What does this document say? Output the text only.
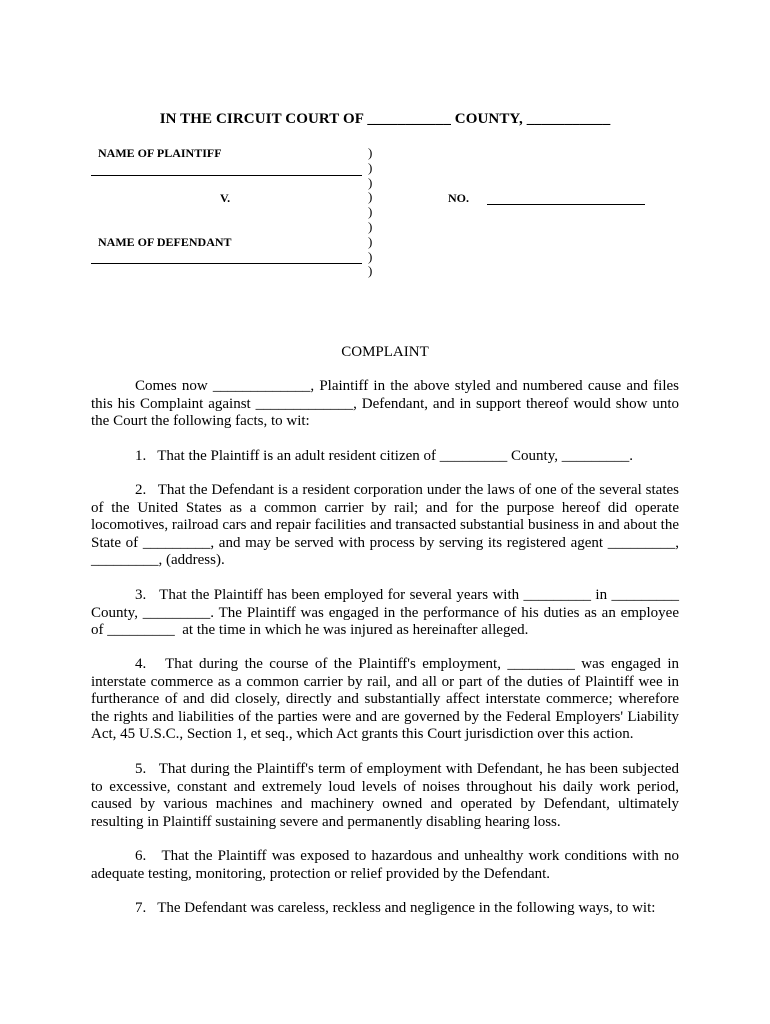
IN THE CIRCUIT COURT OF ___________ COUNTY, ___________
NAME OF PLAINTIFF
V.
NAME OF DEFENDANT
)
)
)
)
)
)
)
)
)
NO.
COMPLAINT

Comes now _____________, Plaintiff in the above styled and numbered cause and files this his Complaint against _____________, Defendant, and in support thereof would show unto the Court the following facts, to wit:

1.   That the Plaintiff is an adult resident citizen of _________ County, _________.

2.   That the Defendant is a resident corporation under the laws of one of the several states of the United States as a common carrier by rail; and for the purpose hereof did operate locomotives, railroad cars and repair facilities and transacted substantial business in and about the State of _________, and may be served with process by serving its registered agent _________, _________, (address).

3.   That the Plaintiff has been employed for several years with _________ in _________ County, _________. The Plaintiff was engaged in the performance of his duties as an employee of _________  at the time in which he was injured as hereinafter alleged.

4.   That during the course of the Plaintiff's employment, _________ was engaged in interstate commerce as a common carrier by rail, and all or part of the duties of Plaintiff wee in furtherance of and did closely, directly and substantially affect interstate commerce; wherefore the rights and liabilities of the parties were and are governed by the Federal Employers' Liability Act, 45 U.S.C., Section 1, et seq., which Act grants this Court jurisdiction over this action.

5.   That during the Plaintiff's term of employment with Defendant, he has been subjected to excessive, constant and extremely loud levels of noises throughout his daily work period, caused by various machines and machinery owned and operated by Defendant, ultimately resulting in Plaintiff sustaining severe and permanently disabling hearing loss.

6.   That the Plaintiff was exposed to hazardous and unhealthy work conditions with no adequate testing, monitoring, protection or relief provided by the Defendant.

7.   The Defendant was careless, reckless and negligence in the following ways, to wit:
